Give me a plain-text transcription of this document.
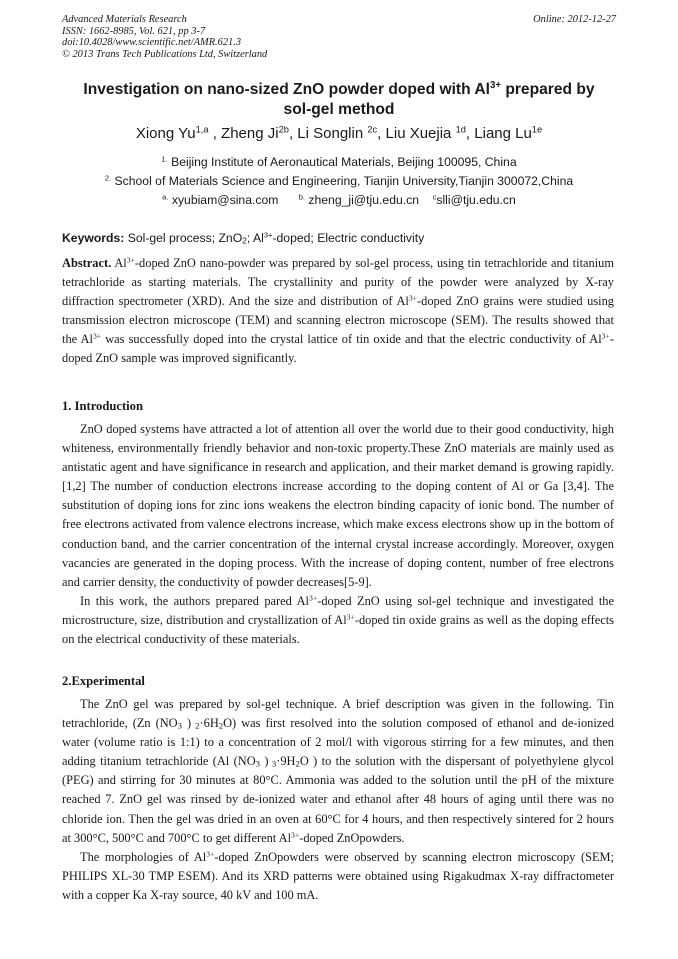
Advanced Materials Research
ISSN: 1662-8985, Vol. 621, pp 3-7
doi:10.4028/www.scientific.net/AMR.621.3
© 2013 Trans Tech Publications Ltd, Switzerland
Online: 2012-12-27
Investigation on nano-sized ZnO powder doped with $Al^{3+}$ prepared by
sol-gel method
Xiong Yu$^{1,a}$ , Zheng $Ji^{2b}$, Li Songlin $^{2c}$, Liu Xuejia $^{1d}$, Liang $Lu^{1e}$
$^{1.}$ Beijing Institute of Aeronautical Materials, Beijing 100095, China
$^{2.}$ School of Materials Science and Engineering, Tianjin University,Tianjin 300072,China
$^{a.}$ xyubiam@sina.com	$^{b.}$ zheng_ji@tju.edu.cn $^c$slli@tju.edu.cn
Keywords: Sol-gel process; ZnO$_2$; $Al^{3+}$-doped; Electric conductivity

Abstract. $Al^{3+}$-doped ZnO nano-powder was prepared by sol-gel process, using tin tetrachloride and titanium tetrachloride as starting materials. The crystallinity and purity of the powder were analyzed by X-ray diffraction spectrometer (XRD). And the size and distribution of $Al^{3+}$-doped ZnO grains were studied using transmission electron microscope (TEM) and scanning electron microscope (SEM). The results showed that the $Al^{3+}$ was successfully doped into the crystal lattice of tin oxide and that the electric conductivity of $Al^{3+}$-doped ZnO sample was improved significantly.

1. Introduction

ZnO doped systems have attracted a lot of attention all over the world due to their good conductivity, high whiteness, environmentally friendly behavior and non-toxic property.These ZnO materials are mainly used as antistatic agent and have significance in research and application, and their market demand is growing rapidly. [1,2] The number of conduction electrons increase according to the doping content of Al or Ga [3,4]. The substitution of doping ions for zinc ions weakens the electron binding capacity of ionic bond. The number of free electrons activated from valence electrons increase, which make excess electrons show up in the bottom of conduction band, and the carrier concentration of the internal crystal increase accordingly. Moreover, oxygen vacancies are generated in the doping process. With the increase of doping content, number of free electrons and carrier density, the conductivity of powder decreases[5-9].

In this work, the authors prepared pared $Al^{3+}$-doped ZnO using sol-gel technique and investigated the microstructure, size, distribution and crystallization of $Al^{3+}$-doped tin oxide grains as well as the doping effects on the electrical conductivity of these materials.

2.Experimental

The ZnO gel was prepared by sol-gel technique. A brief description was given in the following. Tin tetrachloride, (Zn ($NO_3$ ) $_2\cdot 6H_2O$) was first resolved into the solution composed of ethanol and de-ionized water (volume ratio is 1:1) to a concentration of 2 mol/l with vigorous stirring for a few minutes, and then adding titanium tetrachloride (Al ($NO_3$ ) $_3\cdot 9H_2O$ ) to the solution with the dispersant of polyethylene glycol (PEG) and stirring for 30 minutes at 80°C. Ammonia was added to the solution until the pH of the mixture reached 7. ZnO gel was rinsed by de-ionized water and ethanol after 48 hours of aging until there was no chloride ion. Then the gel was dried in an oven at 60°C for 4 hours, and then respectively sintered for 2 hours at 300°C, 500°C and 700°C to get different $Al^{3+}$-doped ZnOpowders.

The morphologies of $Al^{3+}$-doped ZnOpowders were observed by scanning electron microscopy (SEM; PHILIPS XL-30 TMP ESEM). And its XRD patterns were obtained using Rigakudmax X-ray diffractometer with a copper Ka X-ray source, 40 kV and 100 mA.
